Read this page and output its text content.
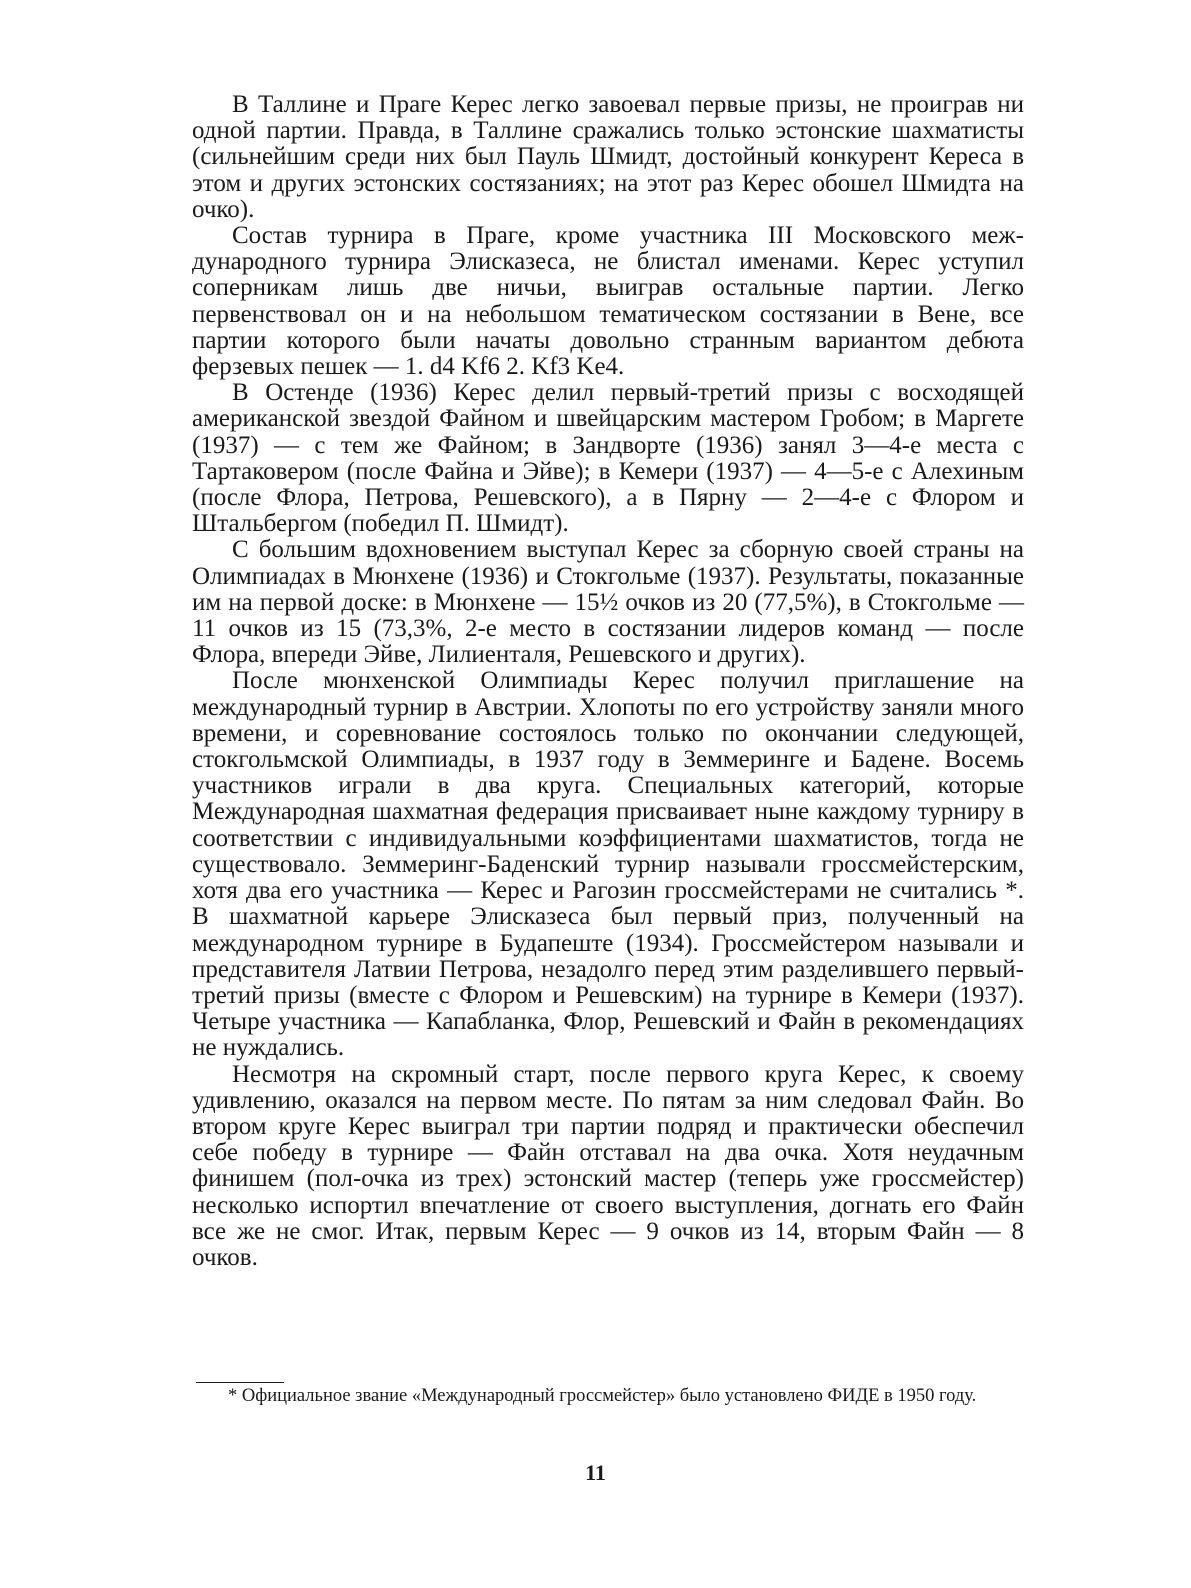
В Таллине и Праге Керес легко завоевал первые призы, не проиграв ни одной партии. Правда, в Таллине сражались только эстонские шахматисты (сильнейшим среди них был Пауль Шмидт, достойный конкурент Кереса в этом и других эстонских состязаниях; на этот раз Керес обошел Шмидта на очко).

Состав турнира в Праге, кроме участника III Московского международного турнира Элисказеса, не блистал именами. Керес уступил соперникам лишь две ничьи, выиграв остальные партии. Легко первенствовал он и на небольшом тематическом состязании в Вене, все партии которого были начаты довольно странным вариантом дебюта ферзевых пешек — 1. d4 Kf6 2. Kf3 Ke4.

В Остенде (1936) Керес делил первый-третий призы с восходящей американской звездой Файном и швейцарским мастером Гробом; в Маргете (1937) — с тем же Файном; в Зандворте (1936) занял 3—4-е места с Тартаковером (после Файна и Эйве); в Кемери (1937) — 4—5-е с Алехиным (после Флора, Петрова, Решевского), а в Пярну — 2—4-е с Флором и Штальбергом (победил П. Шмидт).

С большим вдохновением выступал Керес за сборную своей страны на Олимпиадах в Мюнхене (1936) и Стокгольме (1937). Результаты, показанные им на первой доске: в Мюнхене — 15½ очков из 20 (77,5%), в Стокгольме — 11 очков из 15 (73,3%, 2-е место в состязании лидеров команд — после Флора, впереди Эйве, Лилиенталя, Решевского и других).

После мюнхенской Олимпиады Керес получил приглашение на международный турнир в Австрии. Хлопоты по его устройству заняли много времени, и соревнование состоялось только по окончании следующей, стокгольмской Олимпиады, в 1937 году в Земмеринге и Бадене. Восемь участников играли в два круга. Специальных категорий, которые Международная шахматная федерация присваивает ныне каждому турниру в соответствии с индивидуальными коэффициентами шахматистов, тогда не существовало. Земмеринг-Баденский турнир называли гроссмейстерским, хотя два его участника — Керес и Рагозин гроссмейстерами не считались *. В шахматной карьере Элисказеса был первый приз, полученный на международном турнире в Будапеште (1934). Гроссмейстером называли и представителя Латвии Петрова, незадолго перед этим разделившего первый-третий призы (вместе с Флором и Решевским) на турнире в Кемери (1937). Четыре участника — Капабланка, Флор, Решевский и Файн в рекомендациях не нуждались.

Несмотря на скромный старт, после первого круга Керес, к своему удивлению, оказался на первом месте. По пятам за ним следовал Файн. Во втором круге Керес выиграл три партии подряд и практически обеспечил себе победу в турнире — Файн отставал на два очка. Хотя неудачным финишем (пол-очка из трех) эстонский мастер (теперь уже гроссмейстер) несколько испортил впечатление от своего выступления, догнать его Файн все же не смог. Итак, первым Керес — 9 очков из 14, вторым Файн — 8 очков.

* Официальное звание «Международный гроссмейстер» было установлено ФИДЕ в 1950 году.

11
